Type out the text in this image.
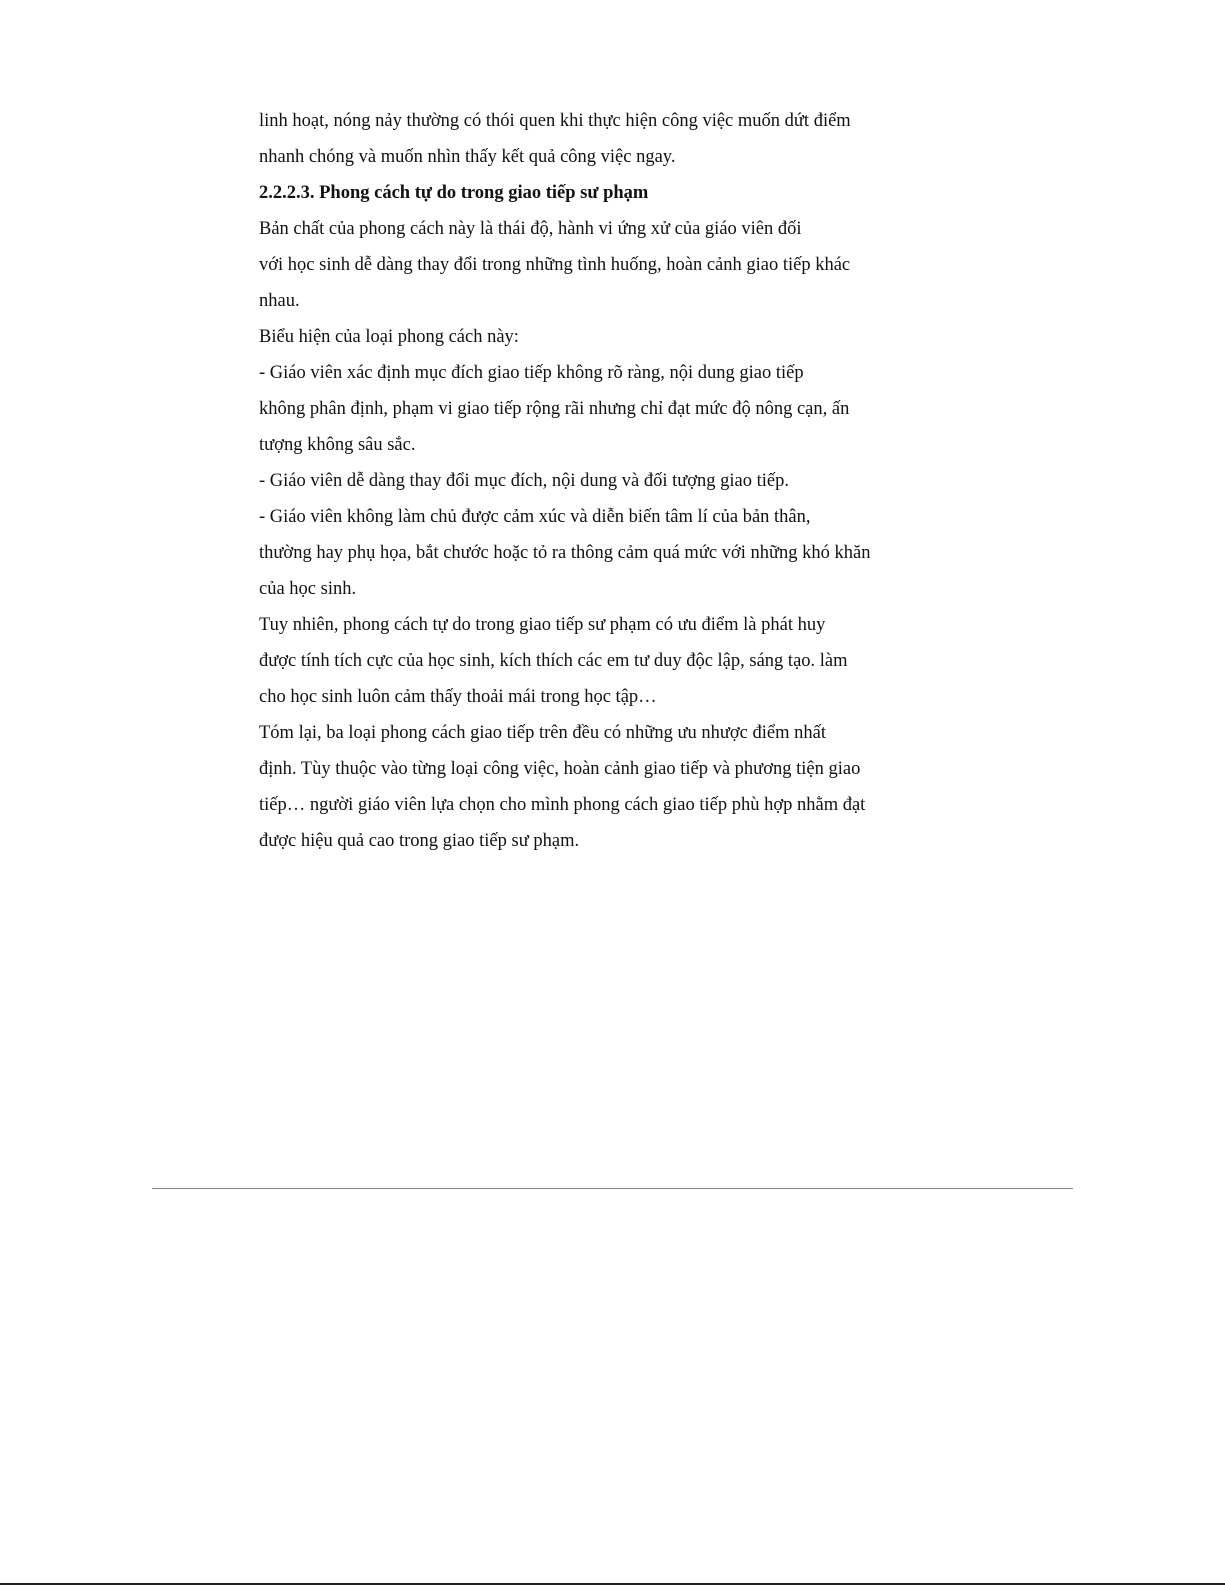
linh hoạt, nóng nảy thường có thói quen khi thực hiện công việc muốn dứt điểm
nhanh chóng và muốn nhìn thấy kết quả công việc ngay.
2.2.2.3. Phong cách tự do trong giao tiếp sư phạm
Bản chất của phong cách này là thái độ, hành vi ứng xử của giáo viên đối
với học sinh dễ dàng thay đổi trong những tình huống, hoàn cảnh giao tiếp khác
nhau.
Biểu hiện của loại phong cách này:
- Giáo viên xác định mục đích giao tiếp không rõ ràng, nội dung giao tiếp
không phân định, phạm vi giao tiếp rộng rãi nhưng chỉ đạt mức độ nông cạn, ấn
tượng không sâu sắc.
- Giáo viên dễ dàng thay đổi mục đích, nội dung và đối tượng giao tiếp.
- Giáo viên không làm chủ được cảm xúc và diễn biến tâm lí của bản thân,
thường hay phụ họa, bắt chước hoặc tỏ ra thông cảm quá mức với những khó khăn
của học sinh.
Tuy nhiên, phong cách tự do trong giao tiếp sư phạm có ưu điểm là phát huy
được tính tích cực của học sinh, kích thích các em tư duy độc lập, sáng tạo. làm
cho học sinh luôn cảm thấy thoải mái trong học tập…
Tóm lại, ba loại phong cách giao tiếp trên đều có những ưu nhược điểm nhất
định. Tùy thuộc vào từng loại công việc, hoàn cảnh giao tiếp và phương tiện giao
tiếp… người giáo viên lựa chọn cho mình phong cách giao tiếp phù hợp nhằm đạt
được hiệu quả cao trong giao tiếp sư phạm.
